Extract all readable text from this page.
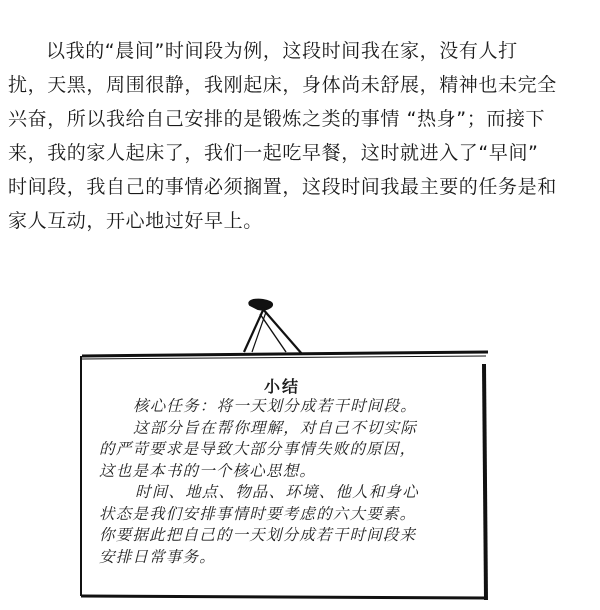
以我的“晨间”时间段为例，这段时间我在家，没有人打
扰，天黑，周围很静，我刚起床，身体尚未舒展，精神也未完全
兴奋，所以我给自己安排的是锻炼之类的事情 “热身”；而接下
来，我的家人起床了，我们一起吃早餐，这时就进入了“早间”
时间段，我自己的事情必须搁置，这段时间我最主要的任务是和
家人互动，开心地过好早上。

小结
核心任务：将一天划分成若干时间段。
这部分旨在帮你理解，对自己不切实际
的严苛要求是导致大部分事情失败的原因，
这也是本书的一个核心思想。
时间、地点、物品、环境、他人和身心
状态是我们安排事情时要考虑的六大要素。
你要据此把自己的一天划分成若干时间段来
安排日常事务。
